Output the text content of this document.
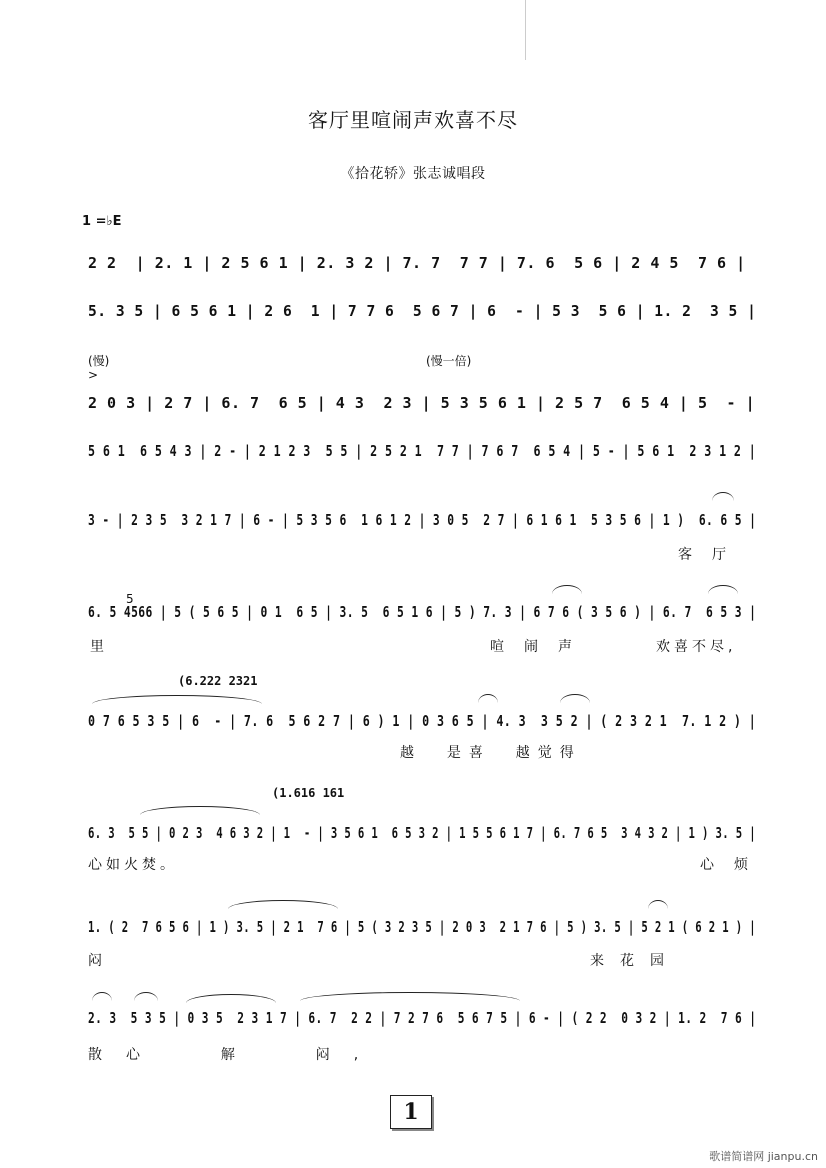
客厅里喧闹声欢喜不尽
《拾花轿》张志诚唱段
1 =♭E
2 2  | 2. 1 | 2 5 6 1 | 2. 3 2 | 7. 7  7 7 | 7. 6  5 6 | 2 4 5  7 6 |
5. 3 5 | 6 5 6 1 | 2 6  1 | 7 7 6  5 6 7 | 6  - | 5 3  5 6 | 1. 2  3 5 |
(慢)	(慢一倍)
>
2 0 3 | 2 7 | 6. 7  6 5 | 4 3  2 3 | 5 3 5 6 1 | 2 5 7  6 5 4 | 5  - |
5 6 1  6 5 4 3 | 2 - | 2 1 2 3  5 5 | 2 5 2 1  7 7 | 7 6 7  6 5 4 | 5 - | 5 6 1  2 3 1 2 |
3 - | 2 3 5  3 2 1 7 | 6 - | 5 3 5 6  1 6 1 2 | 3 0 5  2 7 | 6 1 6 1  5 3 5 6 | 1 )  6. 6 5 |
客厅
5
6. 5 4566 | 5 ( 5 6 5 | 0 1  6 5 | 3. 5  6 5 1 6 | 5 ) 7. 3 | 6 7 6 ( 3 5 6 ) | 6. 7  6 5 3 |
里	喧闹声	欢喜不尽,
(6.222 2321
0 7 6 5 3 5 | 6  - | 7. 6  5 6 2 7 | 6 ) 1 | 0 3 6 5 | 4. 3  3 5 2 | ( 2 3 2 1  7. 1 2 ) |
越  是喜  越觉得
(1.616 161
6. 3  5 5 | 0 2 3  4 6 3 2 | 1  - | 3 5 6 1  6 5 3 2 | 1 5 5 6 1 7 | 6. 7 6 5  3 4 3 2 | 1 ) 3. 5 |
心如火焚。	心烦
1. ( 2  7 6 5 6 | 1 ) 3. 5 | 2 1  7 6 | 5 ( 3 2 3 5 | 2 0 3  2 1 7 6 | 5 ) 3. 5 | 5 2 1 ( 6 2 1 ) |
闷	来花园
2. 3  5 3 5 | 0 3 5  2 3 1 7 | 6. 7  2 2 | 7 2 7 6  5 6 7 5 | 6 - | ( 2 2  0 3 2 | 1. 2  7 6 |
散心  解  闷,
1
歌谱简谱网 jianpu.cn
